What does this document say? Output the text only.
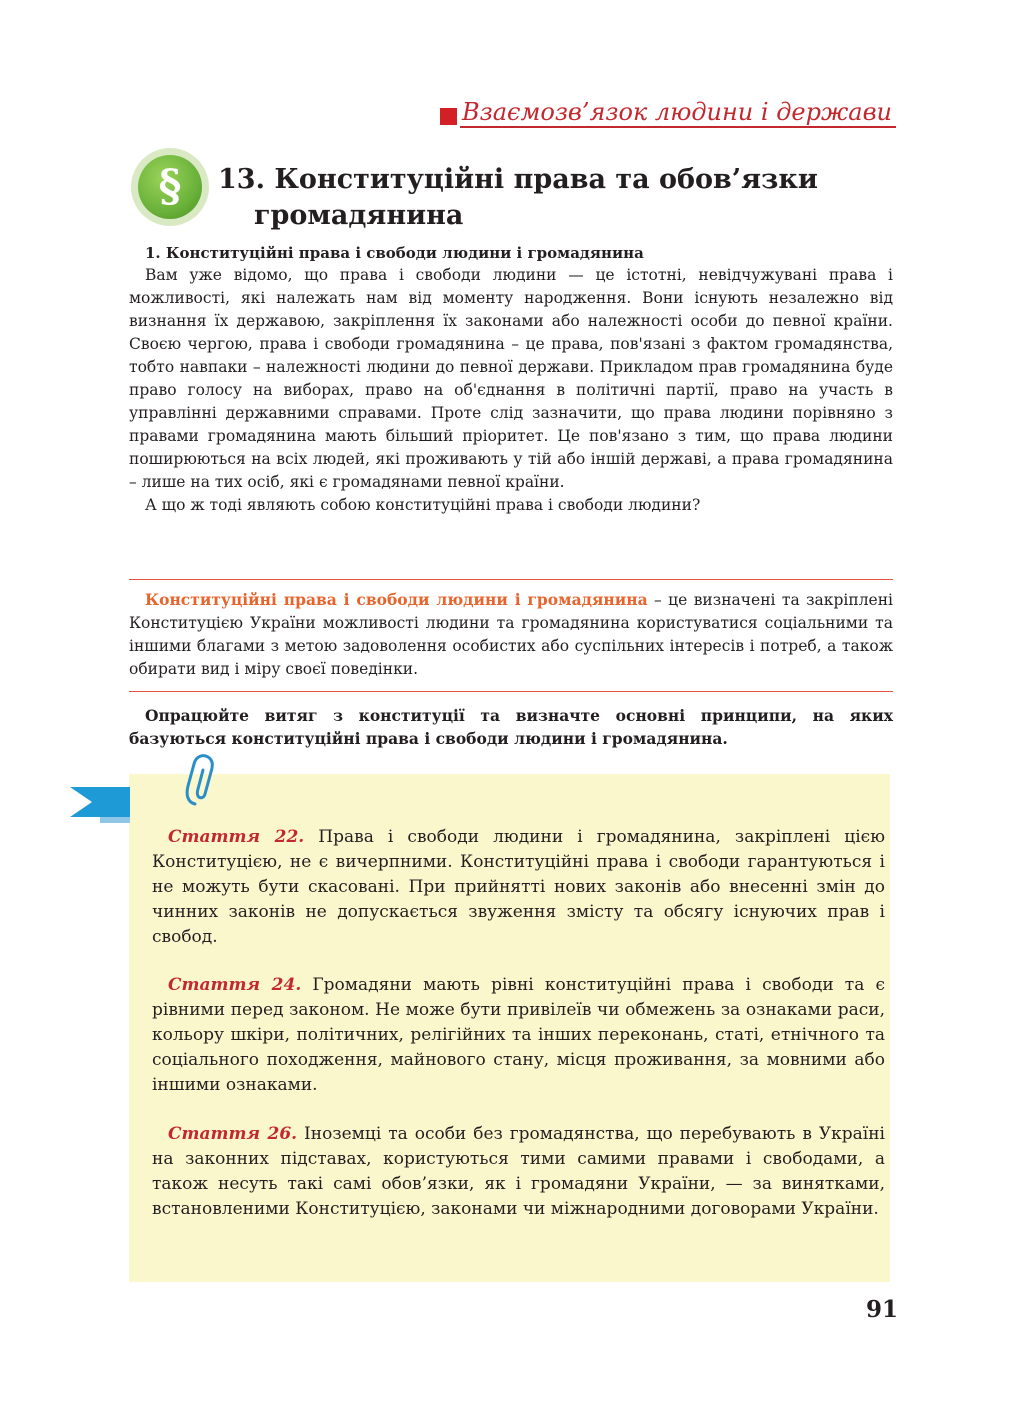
Взаємозв’язок людини і держави
§	13. Конституційні права та обов’язки
громадянина
1. Конституційні права і свободи людини і громадянина

Вам уже відомо, що права і свободи людини — це істотні, невідчужувані права і можливості, які належать нам від моменту народження. Вони існують незалежно від визнання їх державою, закріплення їх законами або належності особи до певної країни. Своєю чергою, права і свободи громадянина – це права, пов'язані з фактом громадянства, тобто навпаки – належності людини до певної держави. Прикладом прав громадянина буде право голосу на виборах, право на об'єднання в політичні партії, право на участь в управлінні державними справами. Проте слід зазначити, що права людини порівняно з правами громадянина мають більший пріоритет. Це пов'язано з тим, що права людини поширюються на всіх людей, які проживають у тій або іншій державі, а права громадянина – лише на тих осіб, які є громадянами певної країни.

А що ж тоді являють собою конституційні права і свободи людини?

Конституційні права і свободи людини і громадянина – це визначені та закріплені Конституцією України можливості людини та громадянина користуватися соціальними та іншими благами з метою задоволення особистих або суспільних інтересів і потреб, а також обирати вид і міру своєї поведінки.

Опрацюйте витяг з конституції та визначте основні принципи, на яких базуються конституційні права і свободи людини і громадянина.

Стаття 22. Права і свободи людини і громадянина, закріплені цією Конституцією, не є вичерпними. Конституційні права і свободи гарантуються і не можуть бути скасовані. При прийнятті нових законів або внесенні змін до чинних законів не допускається звуження змісту та обсягу існуючих прав і свобод.

Стаття 24. Громадяни мають рівні конституційні права і свободи та є рівними перед законом. Не може бути привілеїв чи обмежень за ознаками раси, кольору шкіри, політичних, релігійних та інших переконань, статі, етнічного та соціального походження, майнового стану, місця проживання, за мовними або іншими ознаками.

Стаття 26. Іноземці та особи без громадянства, що перебувають в Україні на законних підставах, користуються тими самими правами і свободами, а також несуть такі самі обов’язки, як і громадяни України, — за винятками, встановленими Конституцією, законами чи міжнародними договорами України.

91
